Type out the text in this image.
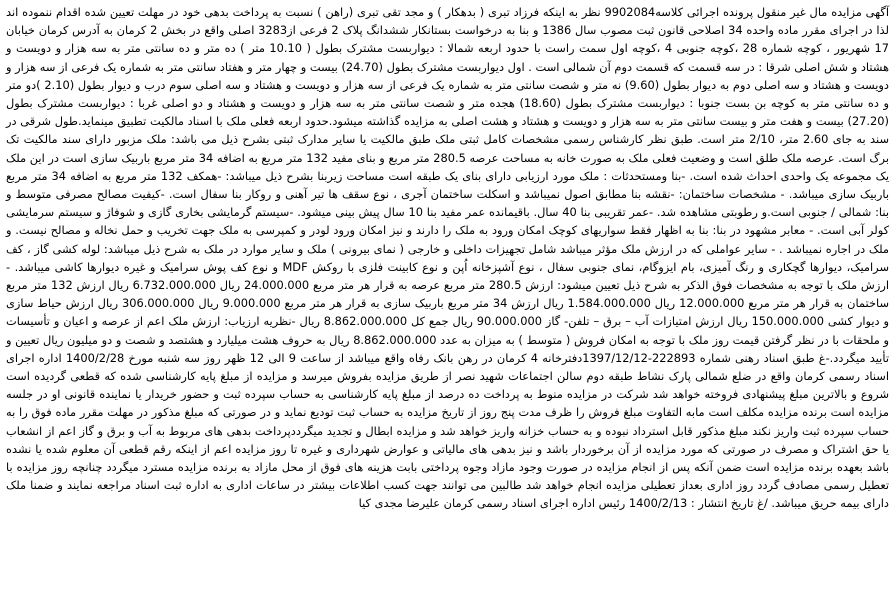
آگهی مزایده مال غیر منقول پرونده اجرائی کلاسه9902084 نظر به اینکه فرزاد تبری ( بدهکار ) و مجد تقی تبری (راهن ) نسبت به پرداخت بدهی خود در مهلت تعیین شده اقدام ننموده اند لذا در اجرای مقرر ماده واحده 34 اصلاحی قانون ثبت مصوب سال 1386 و بنا به درخواست بستانکار ششدانگ پلاک 2 فرعی از3283 اصلی واقع در بخش 2 کرمان به آدرس کرمان خیابان 17 شهریور ، کوچه شماره 28 ،کوچه جنوبی 4 ،کوچه اول سمت راست با حدود اربعه شمالا : دیواربست مشترک بطول ( 10.10 متر ) ده متر و ده سانتی متر به سه هزار و دویست و هشتاد و شش اصلی شرقا : در سه قسمت که قسمت دوم آن شمالی است . اول دیواربست مشترک بطول (24.70) بیست و چهار متر و هفتاد سانتی متر به شماره یک فرعی از سه هزار و دویست و هشتاد و سه اصلی دوم به دیوار بطول (9.60) نه متر و شصت سانتی متر به شماره یک فرعی از سه هزار و دویست و هشتاد و سه اصلی سوم درب و دیوار بطول (2.10 )دو متر و ده سانتی متر به کوچه بن بست جنوبا : دیواربست مشترک بطول (18.60) هجده متر و شصت سانتی متر به سه هزار و دویست و هشتاد و دو اصلی غربا : دیواربست مشترک بطول (27.20) بیست و هفت متر و بیست سانتی متر به سه هزار و دویست و هشتاد و هشت اصلی به مزایده گذاشته میشود.حدود اربعه فعلی ملک با اسناد مالکیت تطبیق مینماید.طول شرقی در سند به جای 2.60 متر، 2/10 متر است. طبق نظر کارشناس رسمی مشخصات کامل ثبتی ملک طبق مالکیت یا سایر مدارک ثبتی بشرح ذیل می باشد: ملک مزبور دارای سند مالکیت تک برگ است. عرصه ملک طلق است و وضعیت فعلی ملک به صورت خانه به مساحت عرصه 280.5 متر مربع و بنای مفید 132 متر مربع به اضافه 34 متر مربع باربیک سازی است در این ملک یک مجموعه یک واحدی احداث شده است. -بنا ومستحدثات : ملک مورد ارزیابی دارای بنای یک طبقه است مساحت زیربنا بشرح ذیل میباشد: -همکف 132 متر مربع به اضافه 34 متر مربع باربیک سازی میباشد. - مشخصات ساختمان: -نقشه بنا مطابق اصول نمیباشد و اسکلت ساختمان آجری ، نوع سقف ها تیر آهنی و روکار بنا سفال است. -کیفیت مصالح مصرفی متوسط و بنا: شمالی / جنوبی است.و رطوبتی مشاهده شد. -عمر تقریبی بنا 40 سال. باقیمانده عمر مفید بنا 10 سال پیش بینی میشود. -سیستم گرمایشی بخاری گازی و شوفاژ و سیستم سرمایشی کولر آبی است. - معابر مشهود در بنا: بنا به اظهار فقط سواریهای کوچک امکان ورود به ملک را دارند و نیز امکان ورود لودر و کمپرسی به ملک جهت تخریب و حمل نخاله و مصالح نیست. و ملک در اجاره نمیباشد . - سایر عواملی که در ارزش ملک مؤثر میباشد شامل تجهیزات داخلی و خارجی ( نمای بیرونی ) ملک و سایر موارد در ملک به شرح ذیل میباشد: لوله کشی گاز ، کف سرامیک، دیوارها گچکاری و رنگ آمیزی، بام ایزوگام، نمای جنوبی سفال ، نوع آشپزخانه اُپن و نوع کابینت فلزی با روکش MDF و نوع کف پوش سرامیک و غیره دیوارها کاشی میباشد. - ارزش ملک با توجه به مشخصات فوق الذکر به شرح ذیل تعیین میشود: ارزش 280.5 متر مربع عرصه به قرار هر متر مربع 24.000.000 ریال 6.732.000.000 ریال ارزش 132 متر مربع ساختمان به قرار هر متر مربع 12.000.000 ریال 1.584.000.000 ریال ارزش 34 متر مربع باربیک سازی به قرار هر متر مربع 9.000.000 ریال 306.000.000 ریال ارزش حیاط سازی و دیوار کشی 150.000.000 ریال ارزش امتیازات آب – برق – تلفن- گاز 90.000.000 ریال جمع کل 8.862.000.000 ریال -نظریه ارزیاب: ارزش ملک اعم از عرصه و اعیان و تأسیسات و ملحقات با در نظر گرفتن قیمت روز ملک با توجه به امکان فروش ( متوسط ) به میزان به عدد 8.862.000.000 ریال به حروف هشت میلیارد و هشتصد و شصت و دو میلیون ریال تعیین و تأیید میگردد.-غ طبق اسناد رهنی شماره 222893-1397/12/12دفترخانه 4 کرمان در رهن بانک رفاه واقع میباشد از ساعت 9 الی 12 ظهر روز سه شنبه مورخ 1400/2/28 اداره اجرای اسناد رسمی کرمان واقع در ضلع شمالی پارک نشاط طبقه دوم سالن اجتماعات شهید نصر از طریق مزایده بفروش میرسد و مزایده از مبلغ پایه کارشناسی شده که قطعی گردیده است شروع و بالاترین مبلغ پیشنهادی فروخته خواهد شد شرکت در مزایده منوط به پرداخت ده درصد از مبلغ پایه کارشناسی به حساب سپرده ثبت و حضور خریدار یا نماینده قانونی او در جلسه مزایده است برنده مزایده مکلف است مابه التفاوت مبلغ فروش را ظرف مدت پنج روز از تاریخ مزایده به حساب ثبت تودیع نماید و در صورتی که مبلغ مذکور در مهلت مقرر ماده فوق را به حساب سپرده ثبت واریز نکند مبلغ مذکور قابل استرداد نبوده و به حساب خزانه واریز خواهد شد و مزایده ابطال و تجدید میگرددپرداخت بدهی های مربوط به آب و برق و گاز اعم از انشعاب یا حق اشتراک و مصرف در صورتی که مورد مزایده از آن برخوردار باشد و نیز بدهی های مالیاتی و عوارض شهرداری و غیره تا روز مزایده اعم از اینکه رقم قطعی آن معلوم شده یا نشده باشد بعهده برنده مزایده است ضمن آنکه پس از انجام مزایده در صورت وجود مازاد وجوه پرداختی بابت هزینه های فوق از محل مازاد به برنده مزایده مسترد میگردد چنانچه روز مزایده با تعطیل رسمی مصادف گردد روز اداری بعداز تعطیلی مزایده انجام خواهد شد طالبین می توانند جهت کسب اطلاعات بیشتر در ساعات اداری به اداره ثبت اسناد مراجعه نمایند و ضمنا ملک دارای بیمه حریق میباشد. /غ تاریخ انتشار : 1400/2/13 رئیس اداره اجرای اسناد رسمی کرمان علیرضا مجدی کیا
